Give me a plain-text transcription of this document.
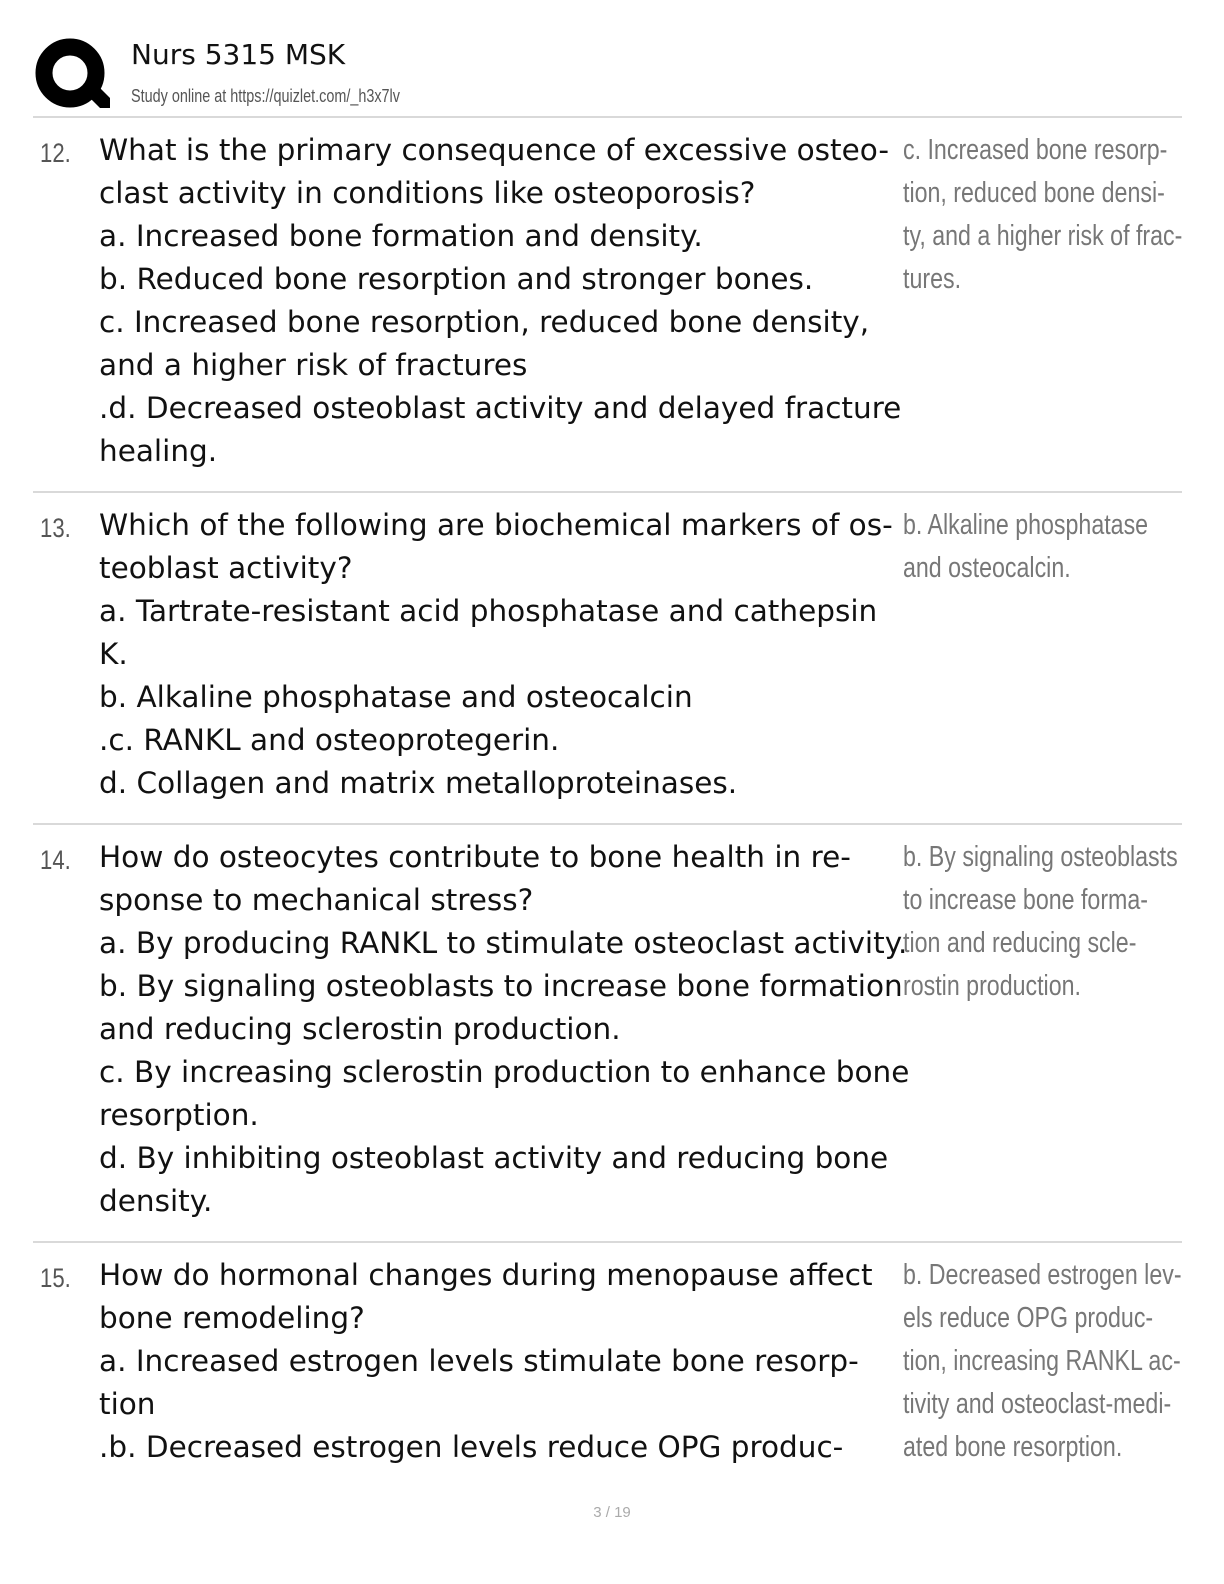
Nurs 5315 MSK
Study online at https://quizlet.com/_h3x7lv
12. What is the primary consequence of excessive osteo-
clast activity in conditions like osteoporosis?
a. Increased bone formation and density.
b. Reduced bone resorption and stronger bones.
c. Increased bone resorption, reduced bone density,
and a higher risk of fractures
.d. Decreased osteoblast activity and delayed fracture
healing.
c. Increased bone resorp-
tion, reduced bone densi-
ty, and a higher risk of frac-
tures.
13. Which of the following are biochemical markers of os-
teoblast activity?
a. Tartrate-resistant acid phosphatase and cathepsin
K.
b. Alkaline phosphatase and osteocalcin
.c. RANKL and osteoprotegerin.
d. Collagen and matrix metalloproteinases.
b. Alkaline phosphatase
and osteocalcin.
14. How do osteocytes contribute to bone health in re-
sponse to mechanical stress?
a. By producing RANKL to stimulate osteoclast activity.
b. By signaling osteoblasts to increase bone formation
and reducing sclerostin production.
c. By increasing sclerostin production to enhance bone
resorption.
d. By inhibiting osteoblast activity and reducing bone
density.
b. By signaling osteoblasts
to increase bone forma-
tion and reducing scle-
rostin production.
15. How do hormonal changes during menopause affect
bone remodeling?
a. Increased estrogen levels stimulate bone resorp-
tion
.b. Decreased estrogen levels reduce OPG produc-
b. Decreased estrogen lev-
els reduce OPG produc-
tion, increasing RANKL ac-
tivity and osteoclast-medi-
ated bone resorption.
3 / 19
